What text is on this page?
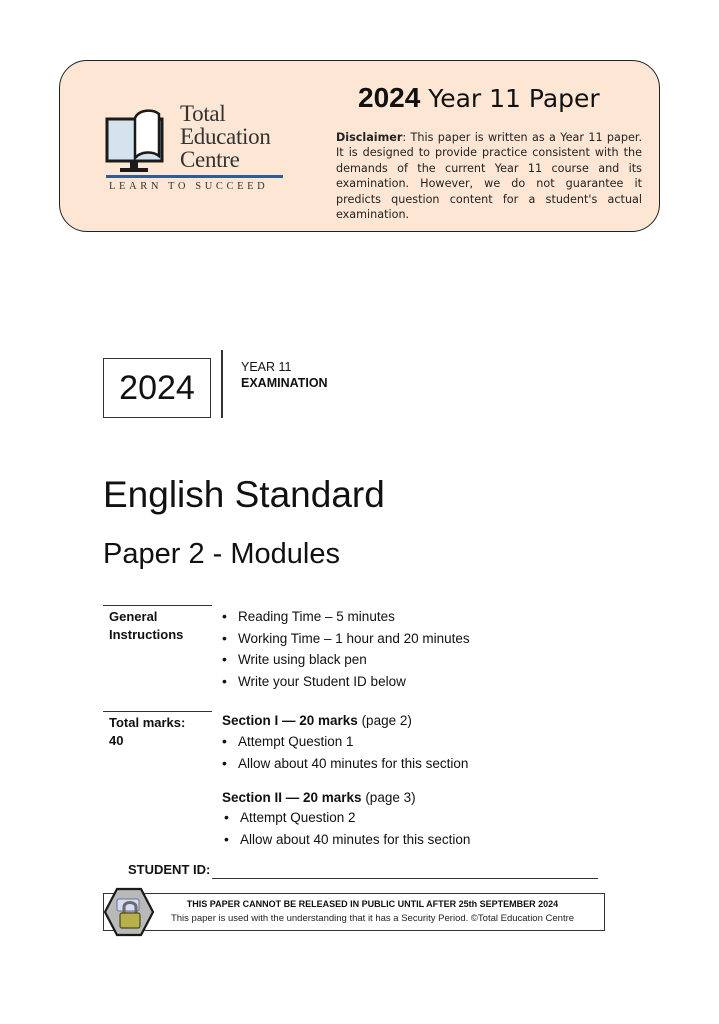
Total
Education
Centre
LEARN TO SUCCEED
2024 Year 11 Paper
Disclaimer: This paper is written as a Year 11 paper. It is designed to provide practice consistent with the demands of the current Year 11 course and its examination. However, we do not guarantee it predicts question content for a student's actual examination.
2024
YEAR 11
EXAMINATION
English Standard
Paper 2 - Modules
General
Instructions
• Reading Time – 5 minutes
• Working Time – 1 hour and 20 minutes
• Write using black pen
• Write your Student ID below
Total marks:
40
Section I — 20 marks (page 2)
• Attempt Question 1
• Allow about 40 minutes for this section
Section II — 20 marks (page 3)
• Attempt Question 2
• Allow about 40 minutes for this section
STUDENT ID:
THIS PAPER CANNOT BE RELEASED IN PUBLIC UNTIL AFTER 25th SEPTEMBER 2024
This paper is used with the understanding that it has a Security Period. ©Total Education Centre
